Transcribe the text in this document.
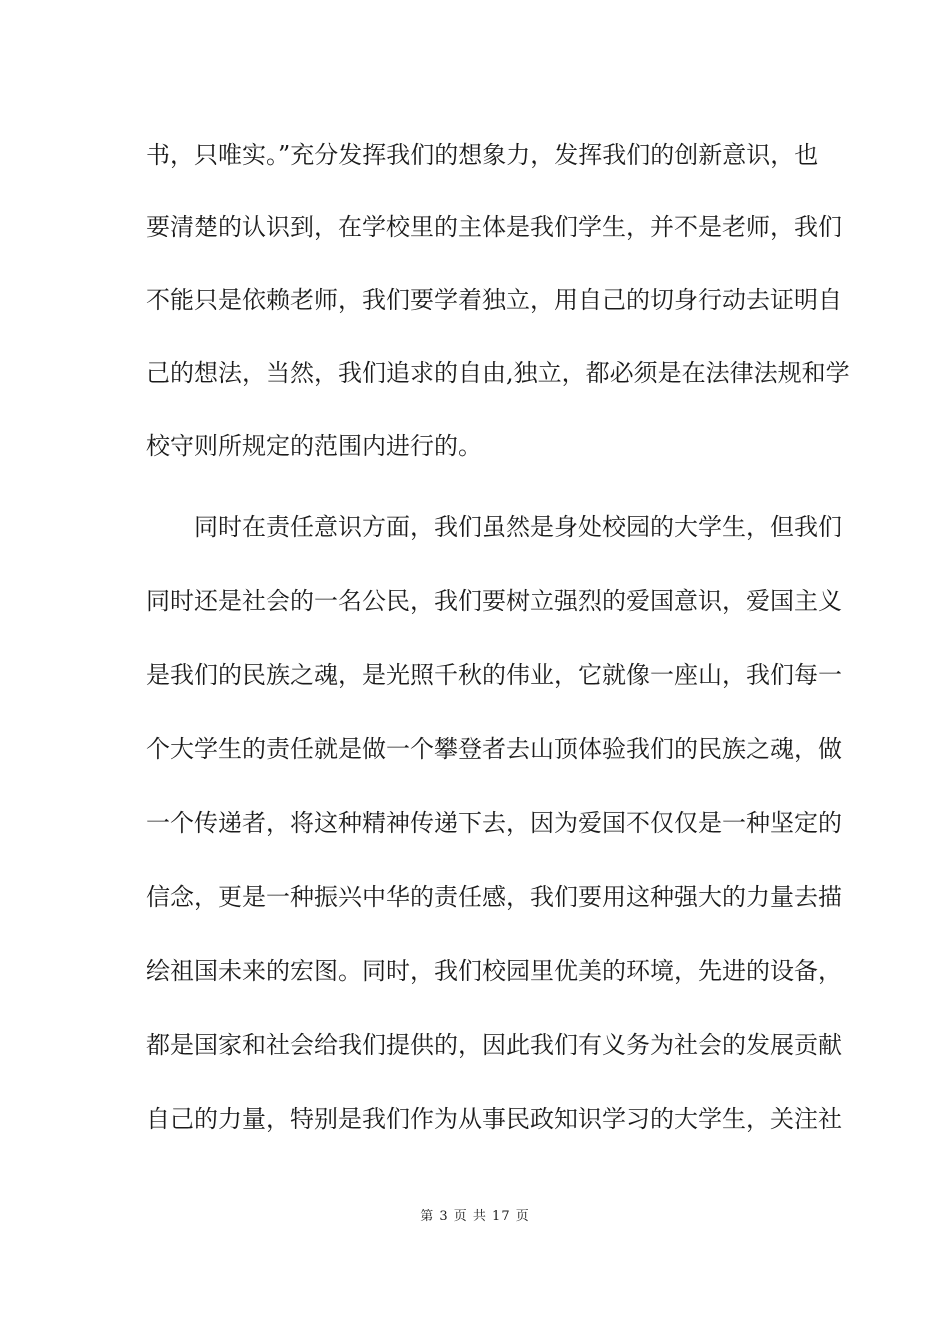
书，只唯实。”充分发挥我们的想象力，发挥我们的创新意识，也
要清楚的认识到，在学校里的主体是我们学生，并不是老师，我们
不能只是依赖老师，我们要学着独立，用自己的切身行动去证明自
己的想法，当然，我们追求的自由,独立，都必须是在法律法规和学
校守则所规定的范围内进行的。
同时在责任意识方面，我们虽然是身处校园的大学生，但我们
同时还是社会的一名公民，我们要树立强烈的爱国意识，爱国主义
是我们的民族之魂，是光照千秋的伟业，它就像一座山，我们每一
个大学生的责任就是做一个攀登者去山顶体验我们的民族之魂，做
一个传递者，将这种精神传递下去，因为爱国不仅仅是一种坚定的
信念，更是一种振兴中华的责任感，我们要用这种强大的力量去描
绘祖国未来的宏图。同时，我们校园里优美的环境，先进的设备，
都是国家和社会给我们提供的，因此我们有义务为社会的发展贡献
自己的力量，特别是我们作为从事民政知识学习的大学生，关注社
第 3 页 共 17 页
